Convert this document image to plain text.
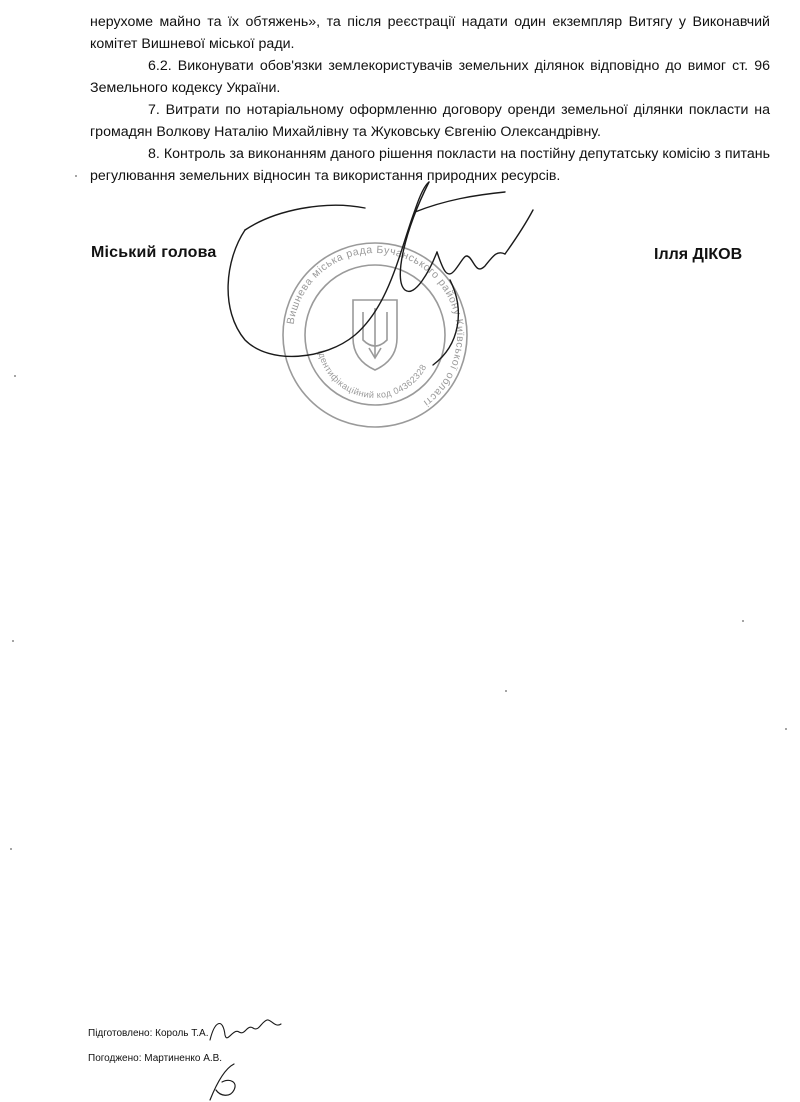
нерухоме майно та їх обтяжень», та після реєстрації надати один екземпляр Витягу у Виконавчий комітет Вишневої міської ради.

6.2. Виконувати обов'язки землекористувачів земельних ділянок відповідно до вимог ст. 96 Земельного кодексу України.

7. Витрати по нотаріальному оформленню договору оренди земельної ділянки покласти на громадян Волкову Наталію Михайлівну та Жуковську Євгенію Олександрівну.

8. Контроль за виконанням даного рішення покласти на постійну депутатську комісію з питань регулювання земельних відносин та використання природних ресурсів.

Вишнева міська рада Бучанського району Київської області
Ідентифікаційний код 04362328
Міський голова	Ілля ДІКОВ
Підготовлено: Король Т.А.
Погоджено: Мартиненко А.В.
